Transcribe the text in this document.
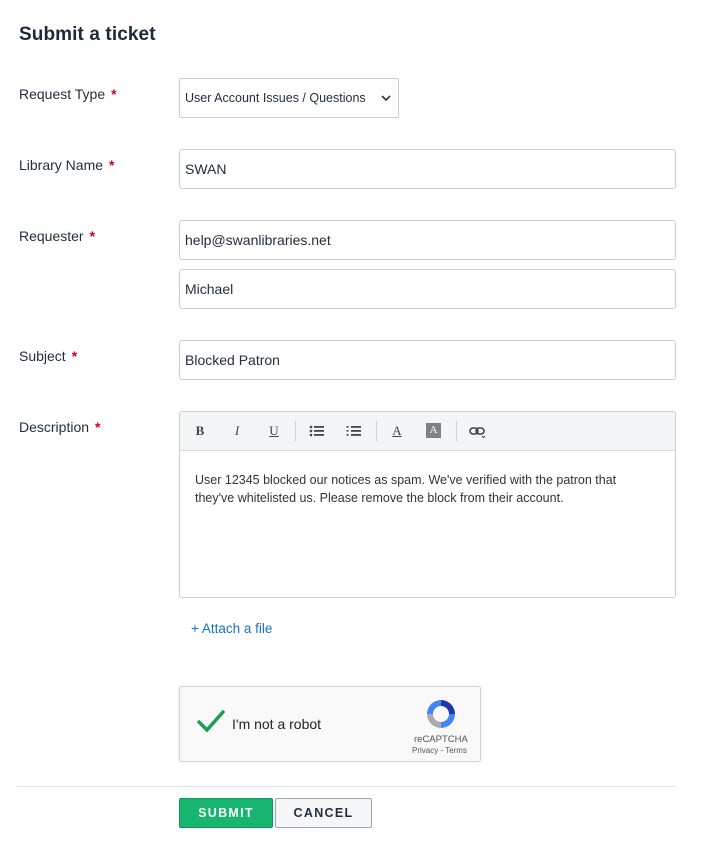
Submit a ticket
Request Type *	User Account Issues / Questions
Library Name *	SWAN
Requester *	help@swanlibraries.net
Michael
Subject *	Blocked Patron
Description *	B	I	U	A	A
User 12345 blocked our notices as spam. We've verified with the patron that they've whitelisted us. Please remove the block from their account.
+ Attach a file
I'm not a robot
reCAPTCHA
Privacy - Terms
SUBMIT	CANCEL
